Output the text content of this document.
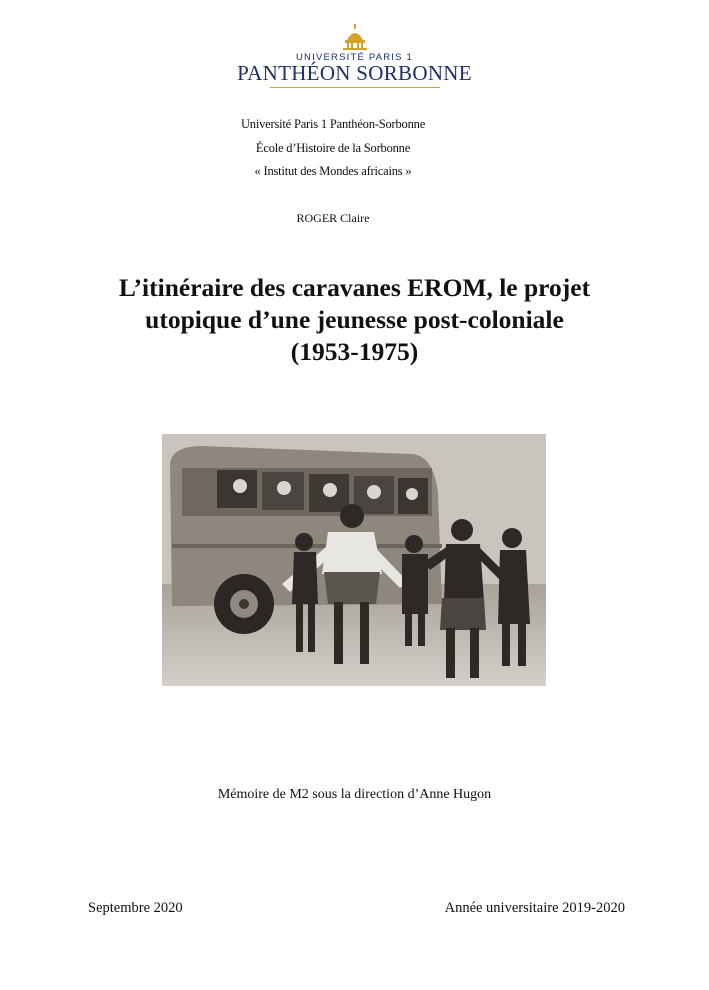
UNIVERSITÉ PARIS 1
PANTHÉON SORBONNE
Université Paris 1 Panthéon-Sorbonne
École d’Histoire de la Sorbonne
« Institut des Mondes africains »
ROGER Claire
L’itinéraire des caravanes EROM, le projet
utopique d’une jeunesse post-coloniale
(1953-1975)
Mémoire de M2 sous la direction d’Anne Hugon
Septembre 2020	Année universitaire 2019-2020
